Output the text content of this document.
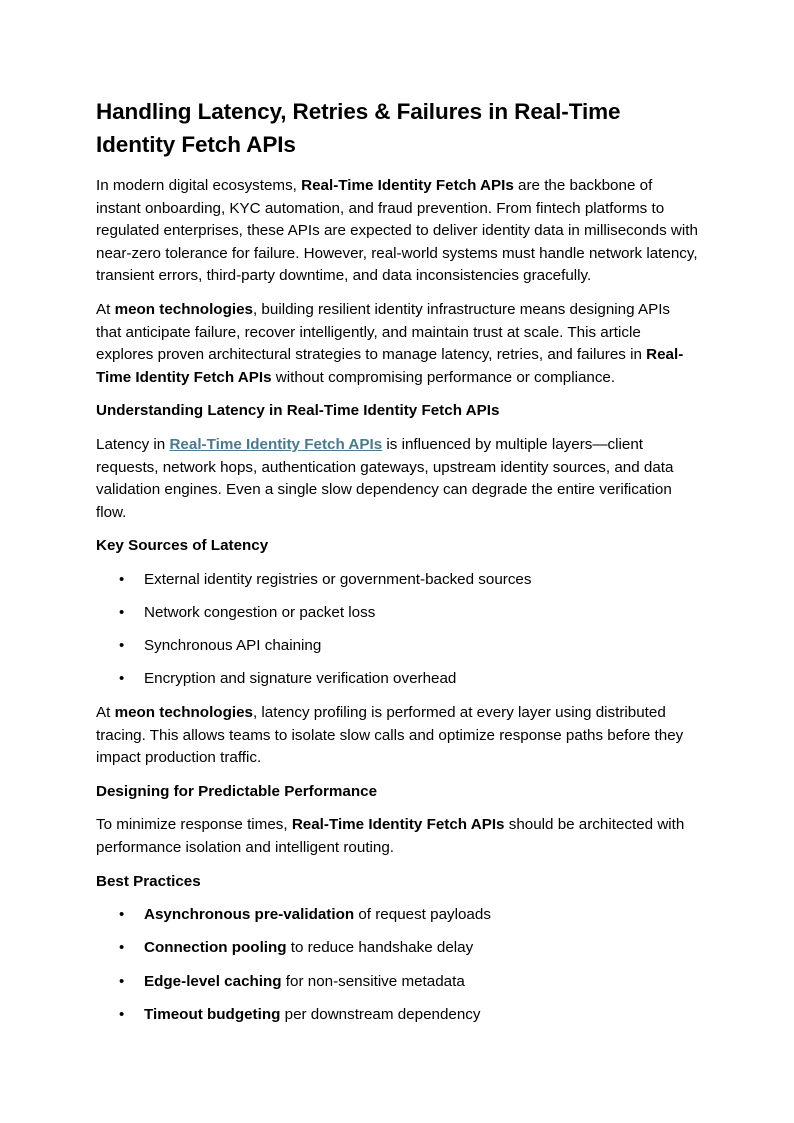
Handling Latency, Retries & Failures in Real-Time Identity Fetch APIs

In modern digital ecosystems, Real-Time Identity Fetch APIs are the backbone of instant onboarding, KYC automation, and fraud prevention. From fintech platforms to regulated enterprises, these APIs are expected to deliver identity data in milliseconds with near-zero tolerance for failure. However, real-world systems must handle network latency, transient errors, third-party downtime, and data inconsistencies gracefully.

At meon technologies, building resilient identity infrastructure means designing APIs that anticipate failure, recover intelligently, and maintain trust at scale. This article explores proven architectural strategies to manage latency, retries, and failures in Real-Time Identity Fetch APIs without compromising performance or compliance.

Understanding Latency in Real-Time Identity Fetch APIs

Latency in Real-Time Identity Fetch APIs is influenced by multiple layers—client requests, network hops, authentication gateways, upstream identity sources, and data validation engines. Even a single slow dependency can degrade the entire verification flow.

Key Sources of Latency
• External identity registries or government-backed sources
• Network congestion or packet loss
• Synchronous API chaining
• Encryption and signature verification overhead

At meon technologies, latency profiling is performed at every layer using distributed tracing. This allows teams to isolate slow calls and optimize response paths before they impact production traffic.

Designing for Predictable Performance

To minimize response times, Real-Time Identity Fetch APIs should be architected with performance isolation and intelligent routing.

Best Practices
• Asynchronous pre-validation of request payloads
• Connection pooling to reduce handshake delay
• Edge-level caching for non-sensitive metadata
• Timeout budgeting per downstream dependency
